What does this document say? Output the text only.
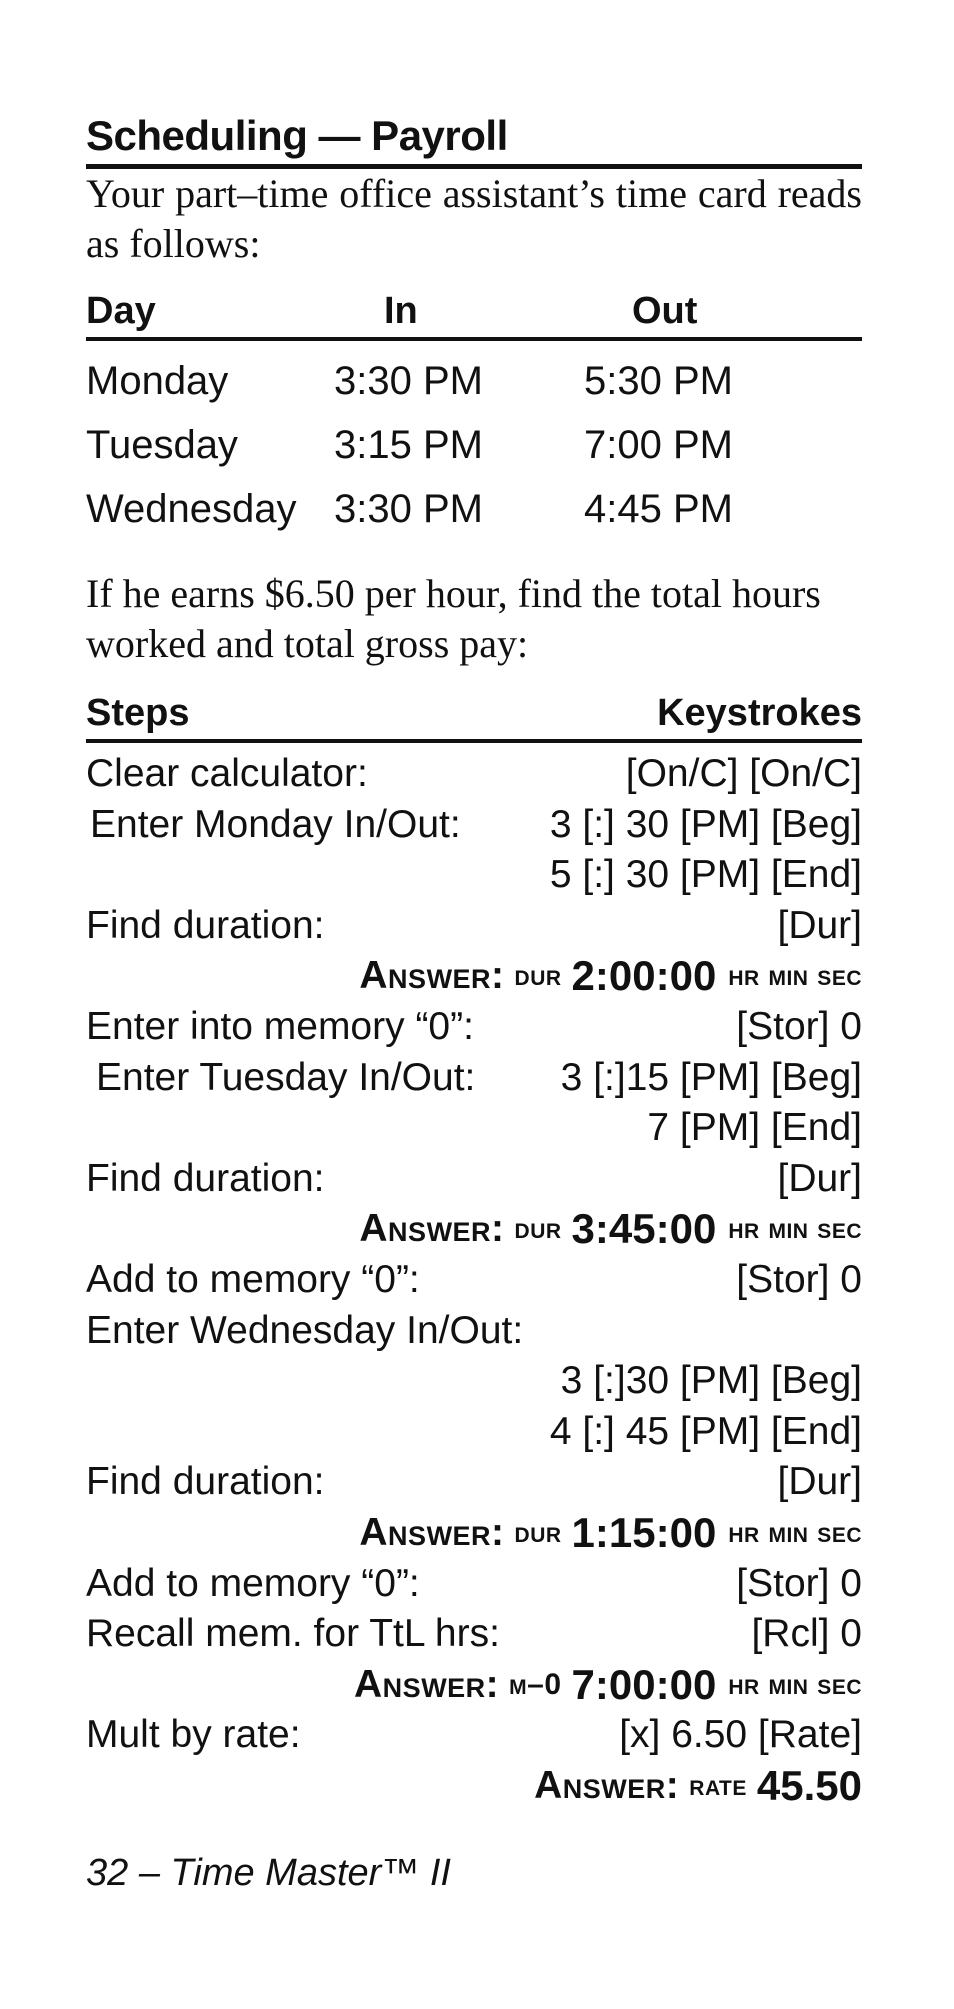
Scheduling — Payroll
Your part–time office assistant’s time card reads as follows:
Day	In	Out
Monday	3:30 PM	5:30 PM
Tuesday	3:15 PM	7:00 PM
Wednesday 3:30 PM	4:45 PM
If he earns $6.50 per hour, find the total hours worked and total gross pay:
Steps	Keystrokes
Clear calculator:	[On/C] [On/C]
Enter Monday In/Out: 3 [:] 30 [PM] [Beg]
5 [:] 30 [PM] [End]
Find duration:	[Dur]
Answer: dur 2:00:00 hr min sec
Enter into memory “0”:	[Stor] 0
Enter Tuesday In/Out: 3 [:]15 [PM] [Beg]
7 [PM] [End]
Find duration:	[Dur]
Answer: dur 3:45:00 hr min sec
Add to memory “0”:	[Stor] 0
Enter Wednesday In/Out:
3 [:]30 [PM] [Beg]
4 [:] 45 [PM] [End]
Find duration:	[Dur]
Answer: dur 1:15:00 hr min sec
Add to memory “0”:	[Stor] 0
Recall mem. for TtL hrs:	[Rcl] 0
Answer: m–0 7:00:00 hr min sec
Mult by rate:	[x] 6.50 [Rate]
Answer: rate 45.50
32 – Time Master™ II
